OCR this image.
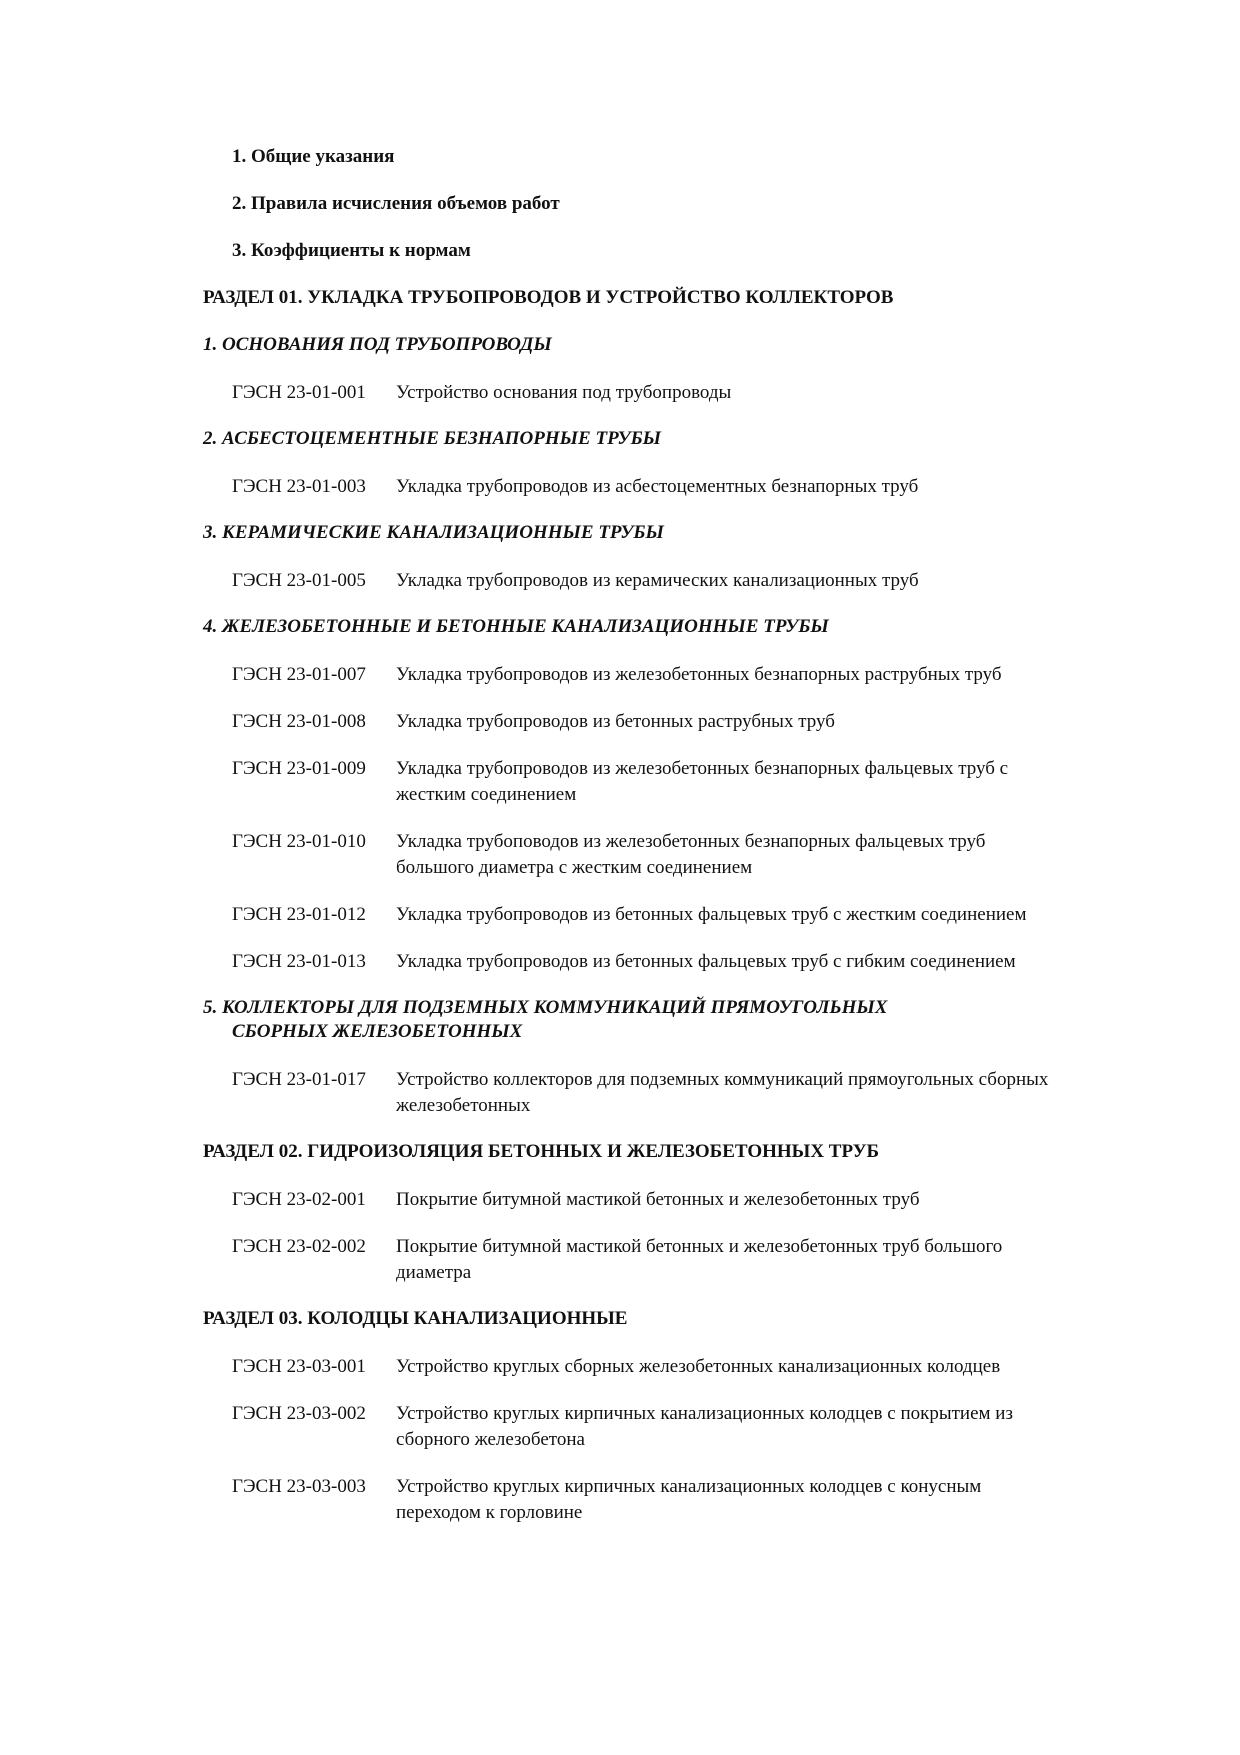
1. Общие указания
2. Правила исчисления объемов работ
3. Коэффициенты к нормам
РАЗДЕЛ 01. УКЛАДКА ТРУБОПРОВОДОВ И УСТРОЙСТВО КОЛЛЕКТОРОВ
1. ОСНОВАНИЯ ПОД ТРУБОПРОВОДЫ
ГЭСН 23-01-001	Устройство основания под трубопроводы
2. АСБЕСТОЦЕМЕНТНЫЕ БЕЗНАПОРНЫЕ ТРУБЫ
ГЭСН 23-01-003	Укладка трубопроводов из асбестоцементных безнапорных труб
3. КЕРАМИЧЕСКИЕ КАНАЛИЗАЦИОННЫЕ ТРУБЫ
ГЭСН 23-01-005	Укладка трубопроводов из керамических канализационных труб
4. ЖЕЛЕЗОБЕТОННЫЕ И БЕТОННЫЕ КАНАЛИЗАЦИОННЫЕ ТРУБЫ
ГЭСН 23-01-007	Укладка трубопроводов из железобетонных безнапорных раструбных труб
ГЭСН 23-01-008	Укладка трубопроводов из бетонных раструбных труб
ГЭСН 23-01-009	Укладка трубопроводов из железобетонных безнапорных фальцевых труб с жестким соединением
ГЭСН 23-01-010	Укладка трубоповодов из железобетонных безнапорных фальцевых труб большого диаметра с жестким соединением
ГЭСН 23-01-012	Укладка трубопроводов из бетонных фальцевых труб с жестким соединением
ГЭСН 23-01-013	Укладка трубопроводов из бетонных фальцевых труб с гибким соединением
5. КОЛЛЕКТОРЫ ДЛЯ ПОДЗЕМНЫХ КОММУНИКАЦИЙ ПРЯМОУГОЛЬНЫХ
СБОРНЫХ ЖЕЛЕЗОБЕТОННЫХ
ГЭСН 23-01-017	Устройство коллекторов для подземных коммуникаций прямоугольных сборных железобетонных
РАЗДЕЛ 02. ГИДРОИЗОЛЯЦИЯ БЕТОННЫХ И ЖЕЛЕЗОБЕТОННЫХ ТРУБ
ГЭСН 23-02-001	Покрытие битумной мастикой бетонных и железобетонных труб
ГЭСН 23-02-002	Покрытие битумной мастикой бетонных и железобетонных труб большого диаметра
РАЗДЕЛ 03. КОЛОДЦЫ КАНАЛИЗАЦИОННЫЕ
ГЭСН 23-03-001	Устройство круглых сборных железобетонных канализационных колодцев
ГЭСН 23-03-002	Устройство круглых кирпичных канализационных колодцев с покрытием из сборного железобетона
ГЭСН 23-03-003	Устройство круглых кирпичных канализационных колодцев с конусным переходом к горловине
